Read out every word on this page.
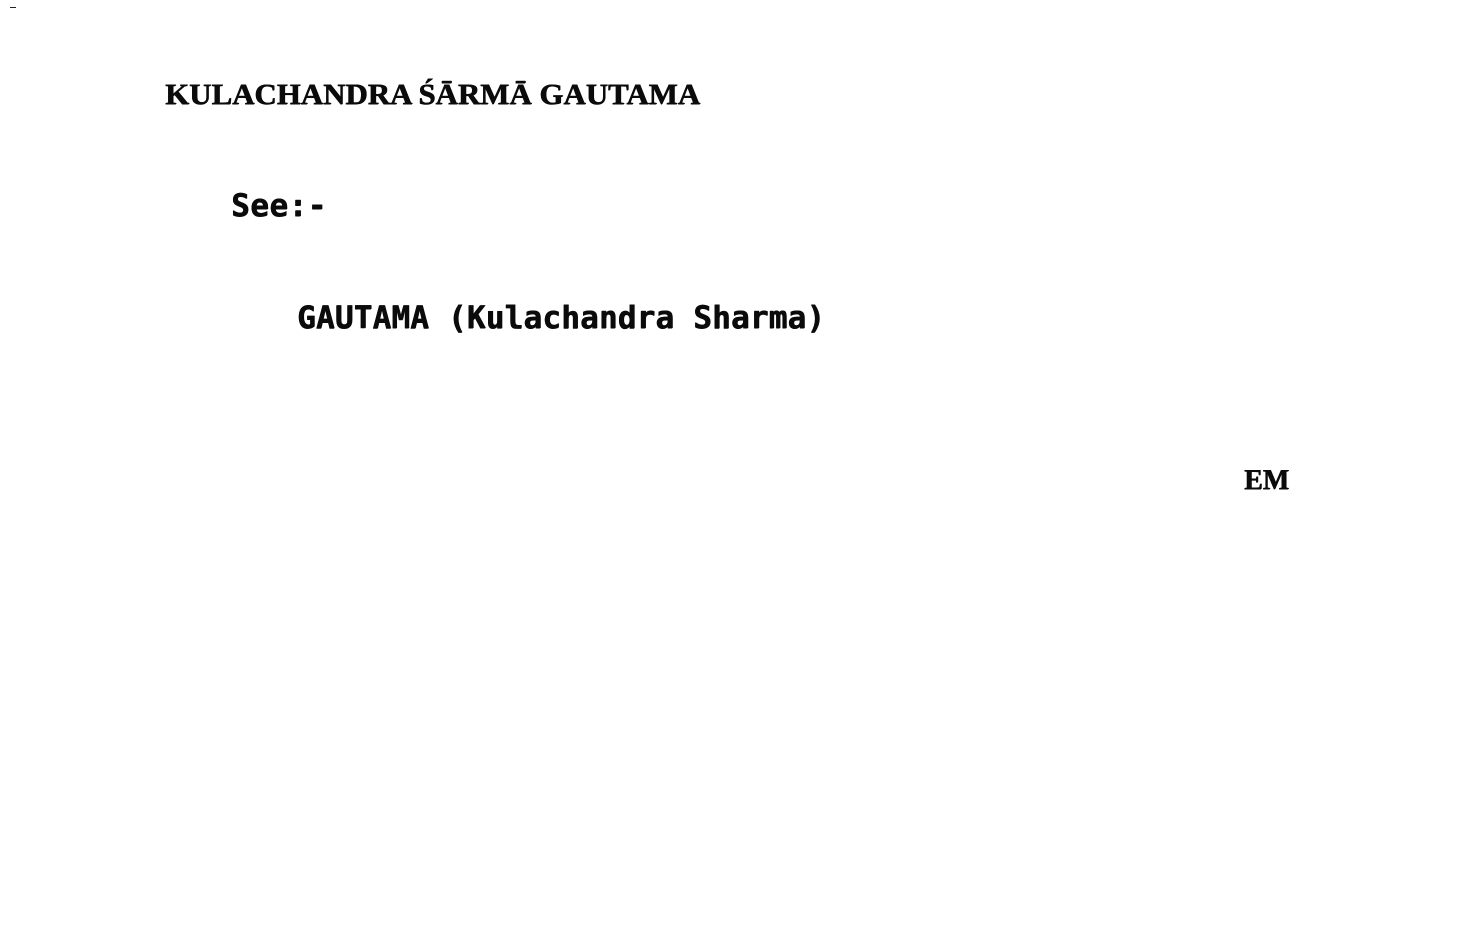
KULACHANDRA ŚĀRMĀ GAUTAMA
See:-
GAUTAMA (Kulachandra Sharma)
EM
